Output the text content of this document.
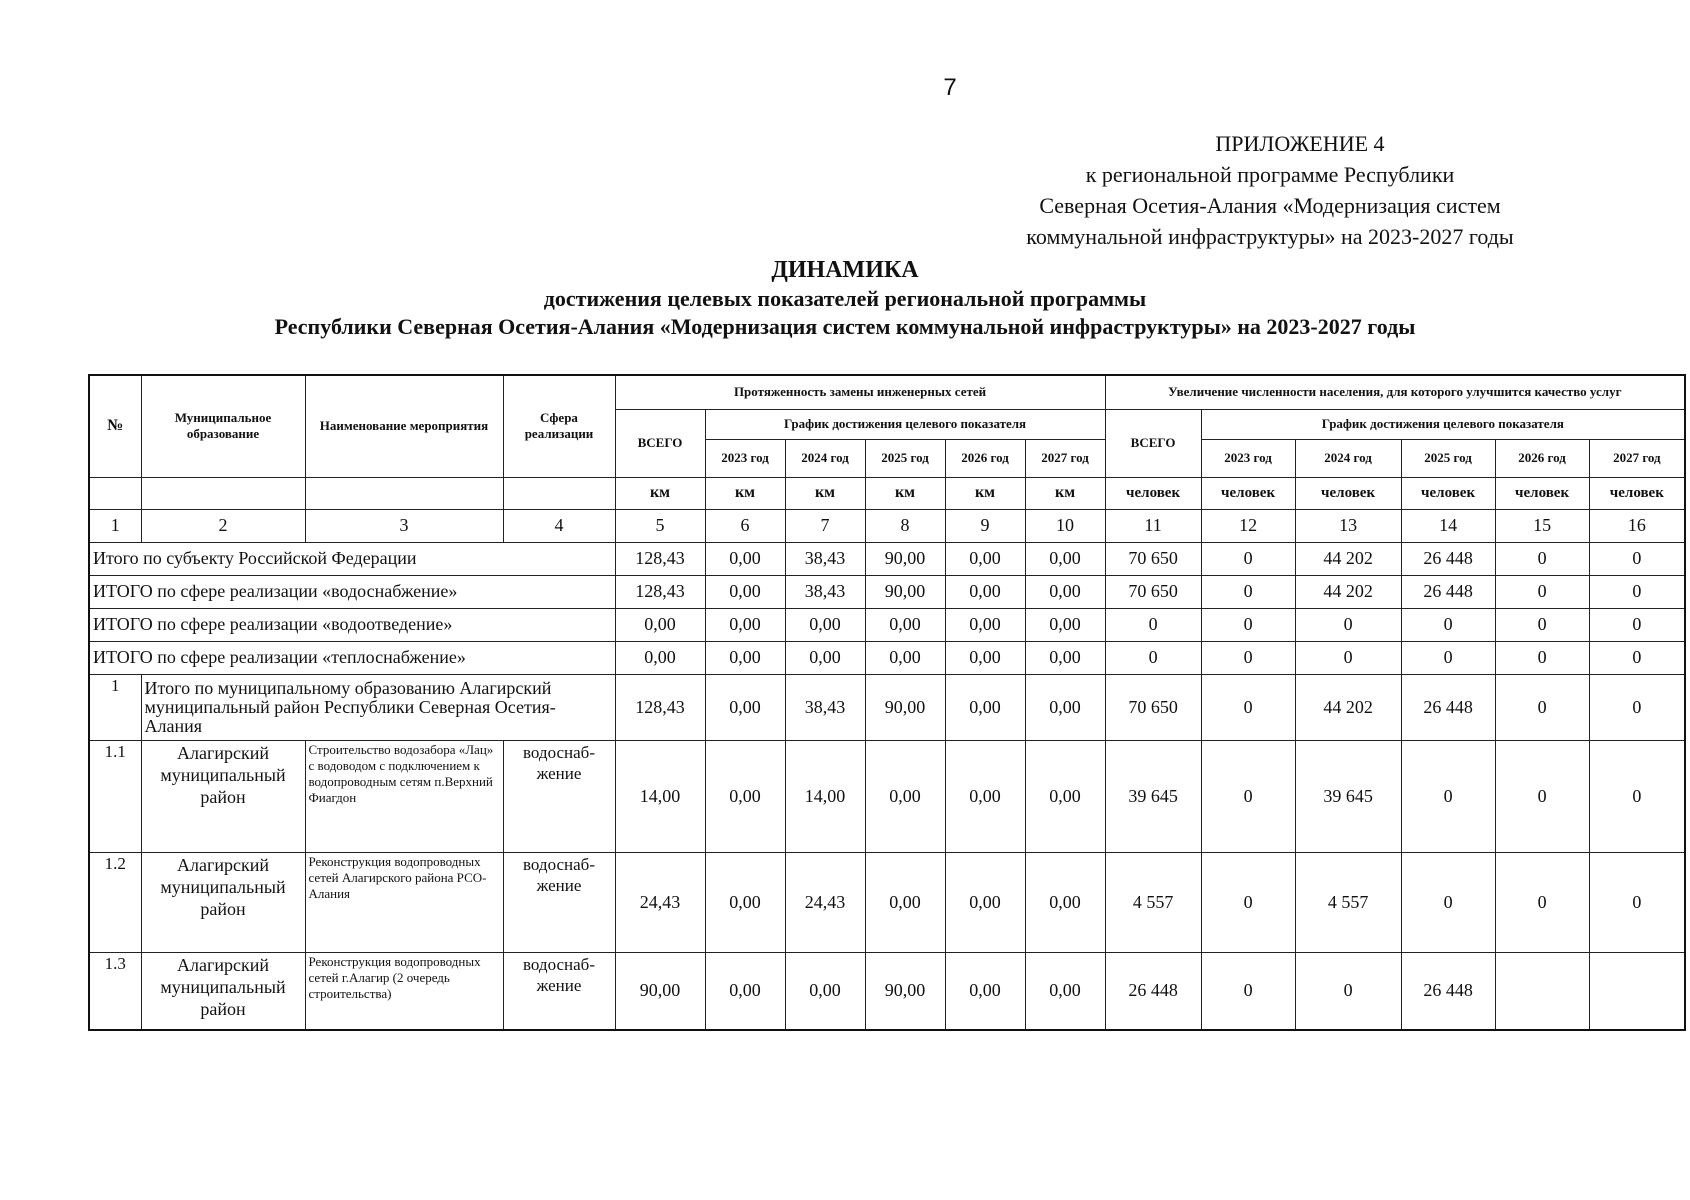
7
ПРИЛОЖЕНИЕ 4
к региональной программе Республики
Северная Осетия-Алания «Модернизация систем
коммунальной инфраструктуры» на 2023-2027 годы
ДИНАМИКА
достижения целевых показателей региональной программы
Республики Северная Осетия-Алания «Модернизация систем коммунальной инфраструктуры» на 2023-2027 годы
№	Муниципальное образование	Наименование мероприятия	Сфера реализации	Протяженность замены инженерных сетей						Увеличение численности населения, для которого улучшится качество услуг					
				ВСЕГО	График достижения целевого показателя					ВСЕГО	График достижения целевого показателя				
					2023 год	2024 год	2025 год	2026 год	2027 год		2023 год	2024 год	2025 год	2026 год	2027 год
				км	км	км	км	км	км	человек	человек	человек	человек	человек	человек
1	2	3	4	5	6	7	8	9	10	11	12	13	14	15	16
Итого по субъекту Российской Федерации				128,43	0,00	38,43	90,00	0,00	0,00	70 650	0	44 202	26 448	0	0
ИТОГО по сфере реализации «водоснабжение»				128,43	0,00	38,43	90,00	0,00	0,00	70 650	0	44 202	26 448	0	0
ИТОГО по сфере реализации «водоотведение»				0,00	0,00	0,00	0,00	0,00	0,00	0	0	0	0	0	0
ИТОГО по сфере реализации «теплоснабжение»				0,00	0,00	0,00	0,00	0,00	0,00	0	0	0	0	0	0
1	Итого по муниципальному образованию Алагирский муниципальный район Республики Северная Осетия-Алания			128,43	0,00	38,43	90,00	0,00	0,00	70 650	0	44 202	26 448	0	0
1.1	Алагирский муниципальный район	Строительство водозабора «Лац» с водоводом с подключением к водопроводным сетям п.Верхний Фиагдон	водоснаб-жение	14,00	0,00	14,00	0,00	0,00	0,00	39 645	0	39 645	0	0	0
1.2	Алагирский муниципальный район	Реконструкция водопроводных сетей Алагирского района РСО-Алания	водоснаб-жение	24,43	0,00	24,43	0,00	0,00	0,00	4 557	0	4 557	0	0	0
1.3	Алагирский муниципальный район	Реконструкция водопроводных сетей г.Алагир (2 очередь строительства)	водоснаб-жение	90,00	0,00	0,00	90,00	0,00	0,00	26 448	0	0	26 448		
